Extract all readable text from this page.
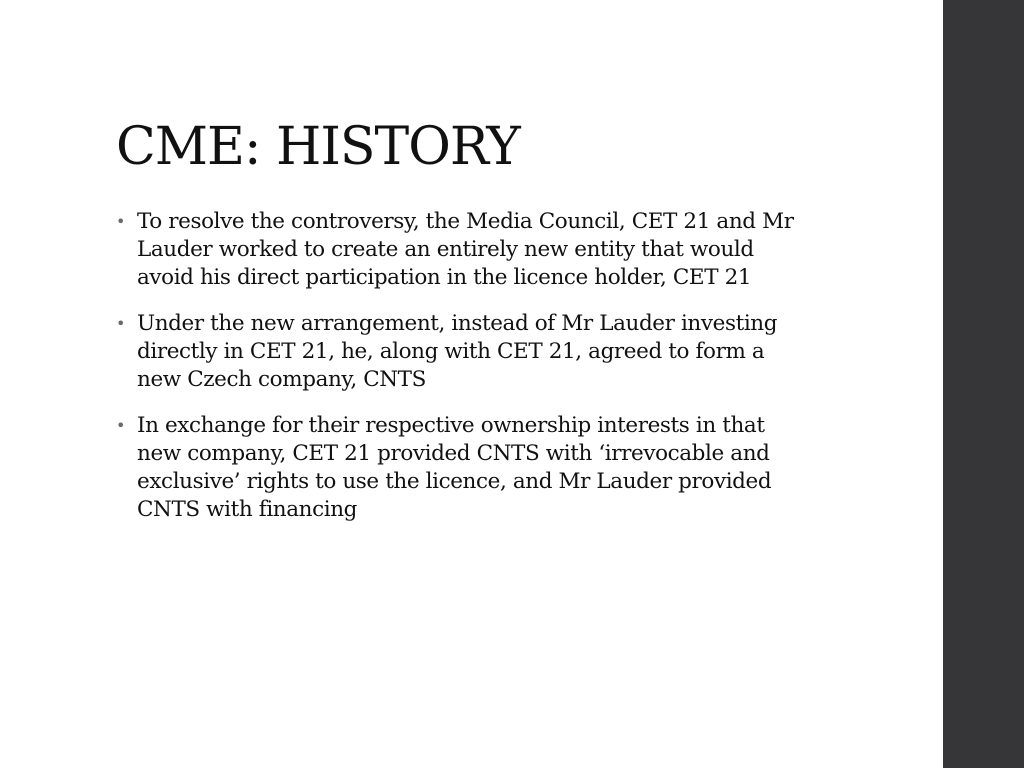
CME: HISTORY
• To resolve the controversy, the Media Council, CET 21 and Mr Lauder worked to create an entirely new entity that would avoid his direct participation in the licence holder, CET 21
• Under the new arrangement, instead of Mr Lauder investing directly in CET 21, he, along with CET 21, agreed to form a new Czech company, CNTS
• In exchange for their respective ownership interests in that new company, CET 21 provided CNTS with ‘irrevocable and exclusive’ rights to use the licence, and Mr Lauder provided CNTS with financing
